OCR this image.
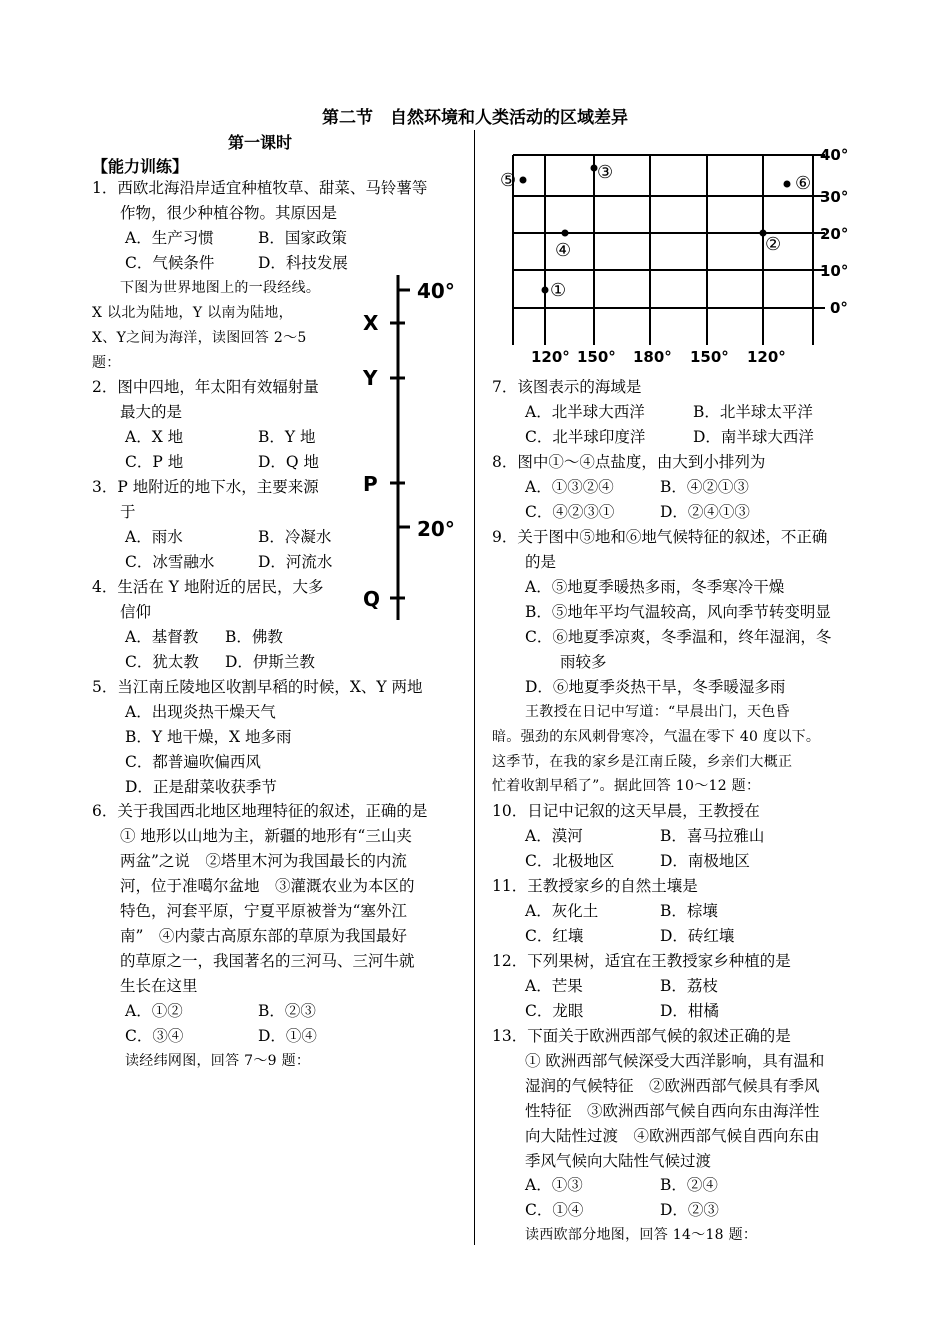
第二节　自然环境和人类活动的区域差异
第一课时
【能力训练】
1．西欧北海沿岸适宜种植牧草、甜菜、马铃薯等
作物，很少种植谷物。其原因是
A．生产习惯	B．国家政策
C．气候条件	D．科技发展
下图为世界地图上的一段经线。
X 以北为陆地，Y 以南为陆地，
X、Y之间为海洋，读图回答 2～5
题：
40°
X
Y
P
20°
Q
2．图中四地，年太阳有效辐射量
最大的是
A．X 地	B．Y 地
C．P 地	D．Q 地
3．P 地附近的地下水，主要来源
于
A．雨水	B．冷凝水
C．冰雪融水	D．河流水
4．生活在 Y 地附近的居民，大多
信仰
A．基督教 B．佛教
C．犹太教 D．伊斯兰教
5．当江南丘陵地区收割早稻的时候，X、Y 两地
A．出现炎热干燥天气
B．Y 地干燥，X 地多雨
C．都普遍吹偏西风
D．正是甜菜收获季节
6．关于我国西北地区地理特征的叙述，正确的是
① 地形以山地为主，新疆的地形有“三山夹
两盆”之说　②塔里木河为我国最长的内流
河，位于准噶尔盆地　③灌溉农业为本区的
特色，河套平原，宁夏平原被誉为“塞外江
南”　④内蒙古高原东部的草原为我国最好
的草原之一，我国著名的三河马、三河牛就
生长在这里
A．①②	B．②③
C．③④	D．①④
读经纬网图，回答 7～9 题：
40°
30°
20°
10°
0°
120° 150° 180° 150° 120°
⑤	③
⑥
④	②
①
7．该图表示的海域是
A．北半球大西洋	B．北半球太平洋
C．北半球印度洋	D．南半球大西洋
8．图中①～④点盐度，由大到小排列为
A．①③②④	B．④②①③
C．④②③①	D．②④①③
9．关于图中⑤地和⑥地气候特征的叙述，不正确
的是
A．⑤地夏季暖热多雨，冬季寒冷干燥
B．⑤地年平均气温较高，风向季节转变明显
C．⑥地夏季凉爽，冬季温和，终年湿润，冬
雨较多
D．⑥地夏季炎热干旱，冬季暖湿多雨
王教授在日记中写道：“早晨出门，天色昏
暗。强劲的东风刺骨寒冷，气温在零下 40 度以下。
这季节，在我的家乡是江南丘陵，乡亲们大概正
忙着收割早稻了”。据此回答 10～12 题：
10．日记中记叙的这天早晨，王教授在
A．漠河	B．喜马拉雅山
C．北极地区	D．南极地区
11．王教授家乡的自然土壤是
A．灰化土	B．棕壤
C．红壤	D．砖红壤
12．下列果树，适宜在王教授家乡种植的是
A．芒果	B．荔枝
C．龙眼	D．柑橘
13．下面关于欧洲西部气候的叙述正确的是
① 欧洲西部气候深受大西洋影响，具有温和
湿润的气候特征　②欧洲西部气候具有季风
性特征　③欧洲西部气候自西向东由海洋性
向大陆性过渡　④欧洲西部气候自西向东由
季风气候向大陆性气候过渡
A．①③	B．②④
C．①④	D．②③
读西欧部分地图，回答 14～18 题：
